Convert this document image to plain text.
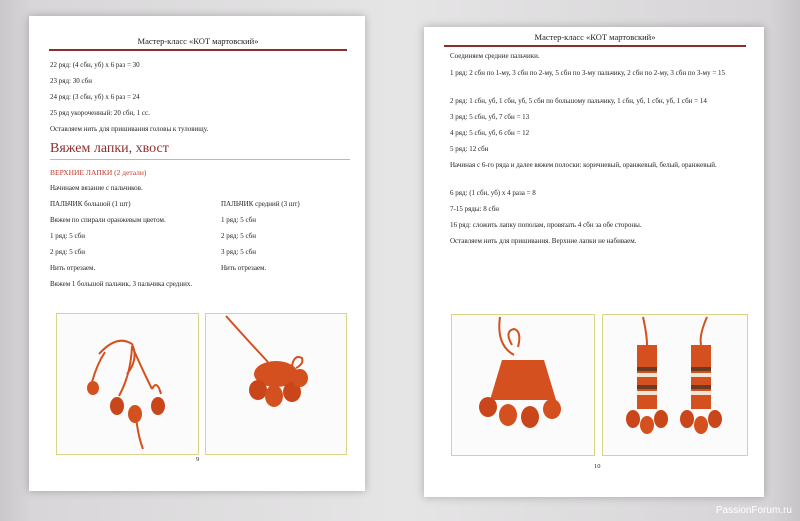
Мастер-класс «КОТ мартовский»
22 ряд: (4 сбн, уб) х 6 раз = 30
23 ряд: 30 сбн
24 ряд: (3 сбн, уб) х 6 раз = 24
25 ряд укороченный: 20 сбн, 1 сс.
Оставляем нить для пришивания головы к туловищу.
Вяжем лапки, хвост
ВЕРХНИЕ ЛАПКИ (2 детали)
Начинаем вязание с пальчиков.
ПАЛЬЧИК большой (1 шт)
Вяжем по спирали оранжевым цветом.
1 ряд: 5 сбн
2 ряд: 5 сбн
Нить отрезаем.
ПАЛЬЧИК средний (3 шт)
1 ряд: 5 сбн
2 ряд: 5 сбн
3 ряд: 5 сбн
Нить отрезаем.
Вяжем 1 большой пальчик, 3 пальчика средних.
9
Мастер-класс «КОТ мартовский»
Соединяем средние пальчики.
1 ряд: 2 сбн по 1-му, 3 сбн по 2-му, 5 сбн по 3-му пальчику, 2 сбн по 2-му, 3 сбн по 3-му = 15
2 ряд: 1 сбн, уб, 1 сбн, уб, 5 сбн по большому пальчику, 1 сбн, уб, 1 сбн, уб, 1 сбн = 14
3 ряд: 5 сбн, уб, 7 сбн = 13
4 ряд: 5 сбн, уб, 6 сбн = 12
5 ряд: 12 сбн
Начиная с 6-го ряда и далее вяжем полоски: коричневый, оранжевый, белый, оранжевый.
6 ряд: (1 сбн, уб) х 4 раза = 8
7-15 ряды: 8 сбн
16 ряд: сложить лапку пополам, провязать 4 сбн за обе стороны.
Оставляем нить для пришивания. Верхние лапки не набиваем.
10
PassionForum.ru
